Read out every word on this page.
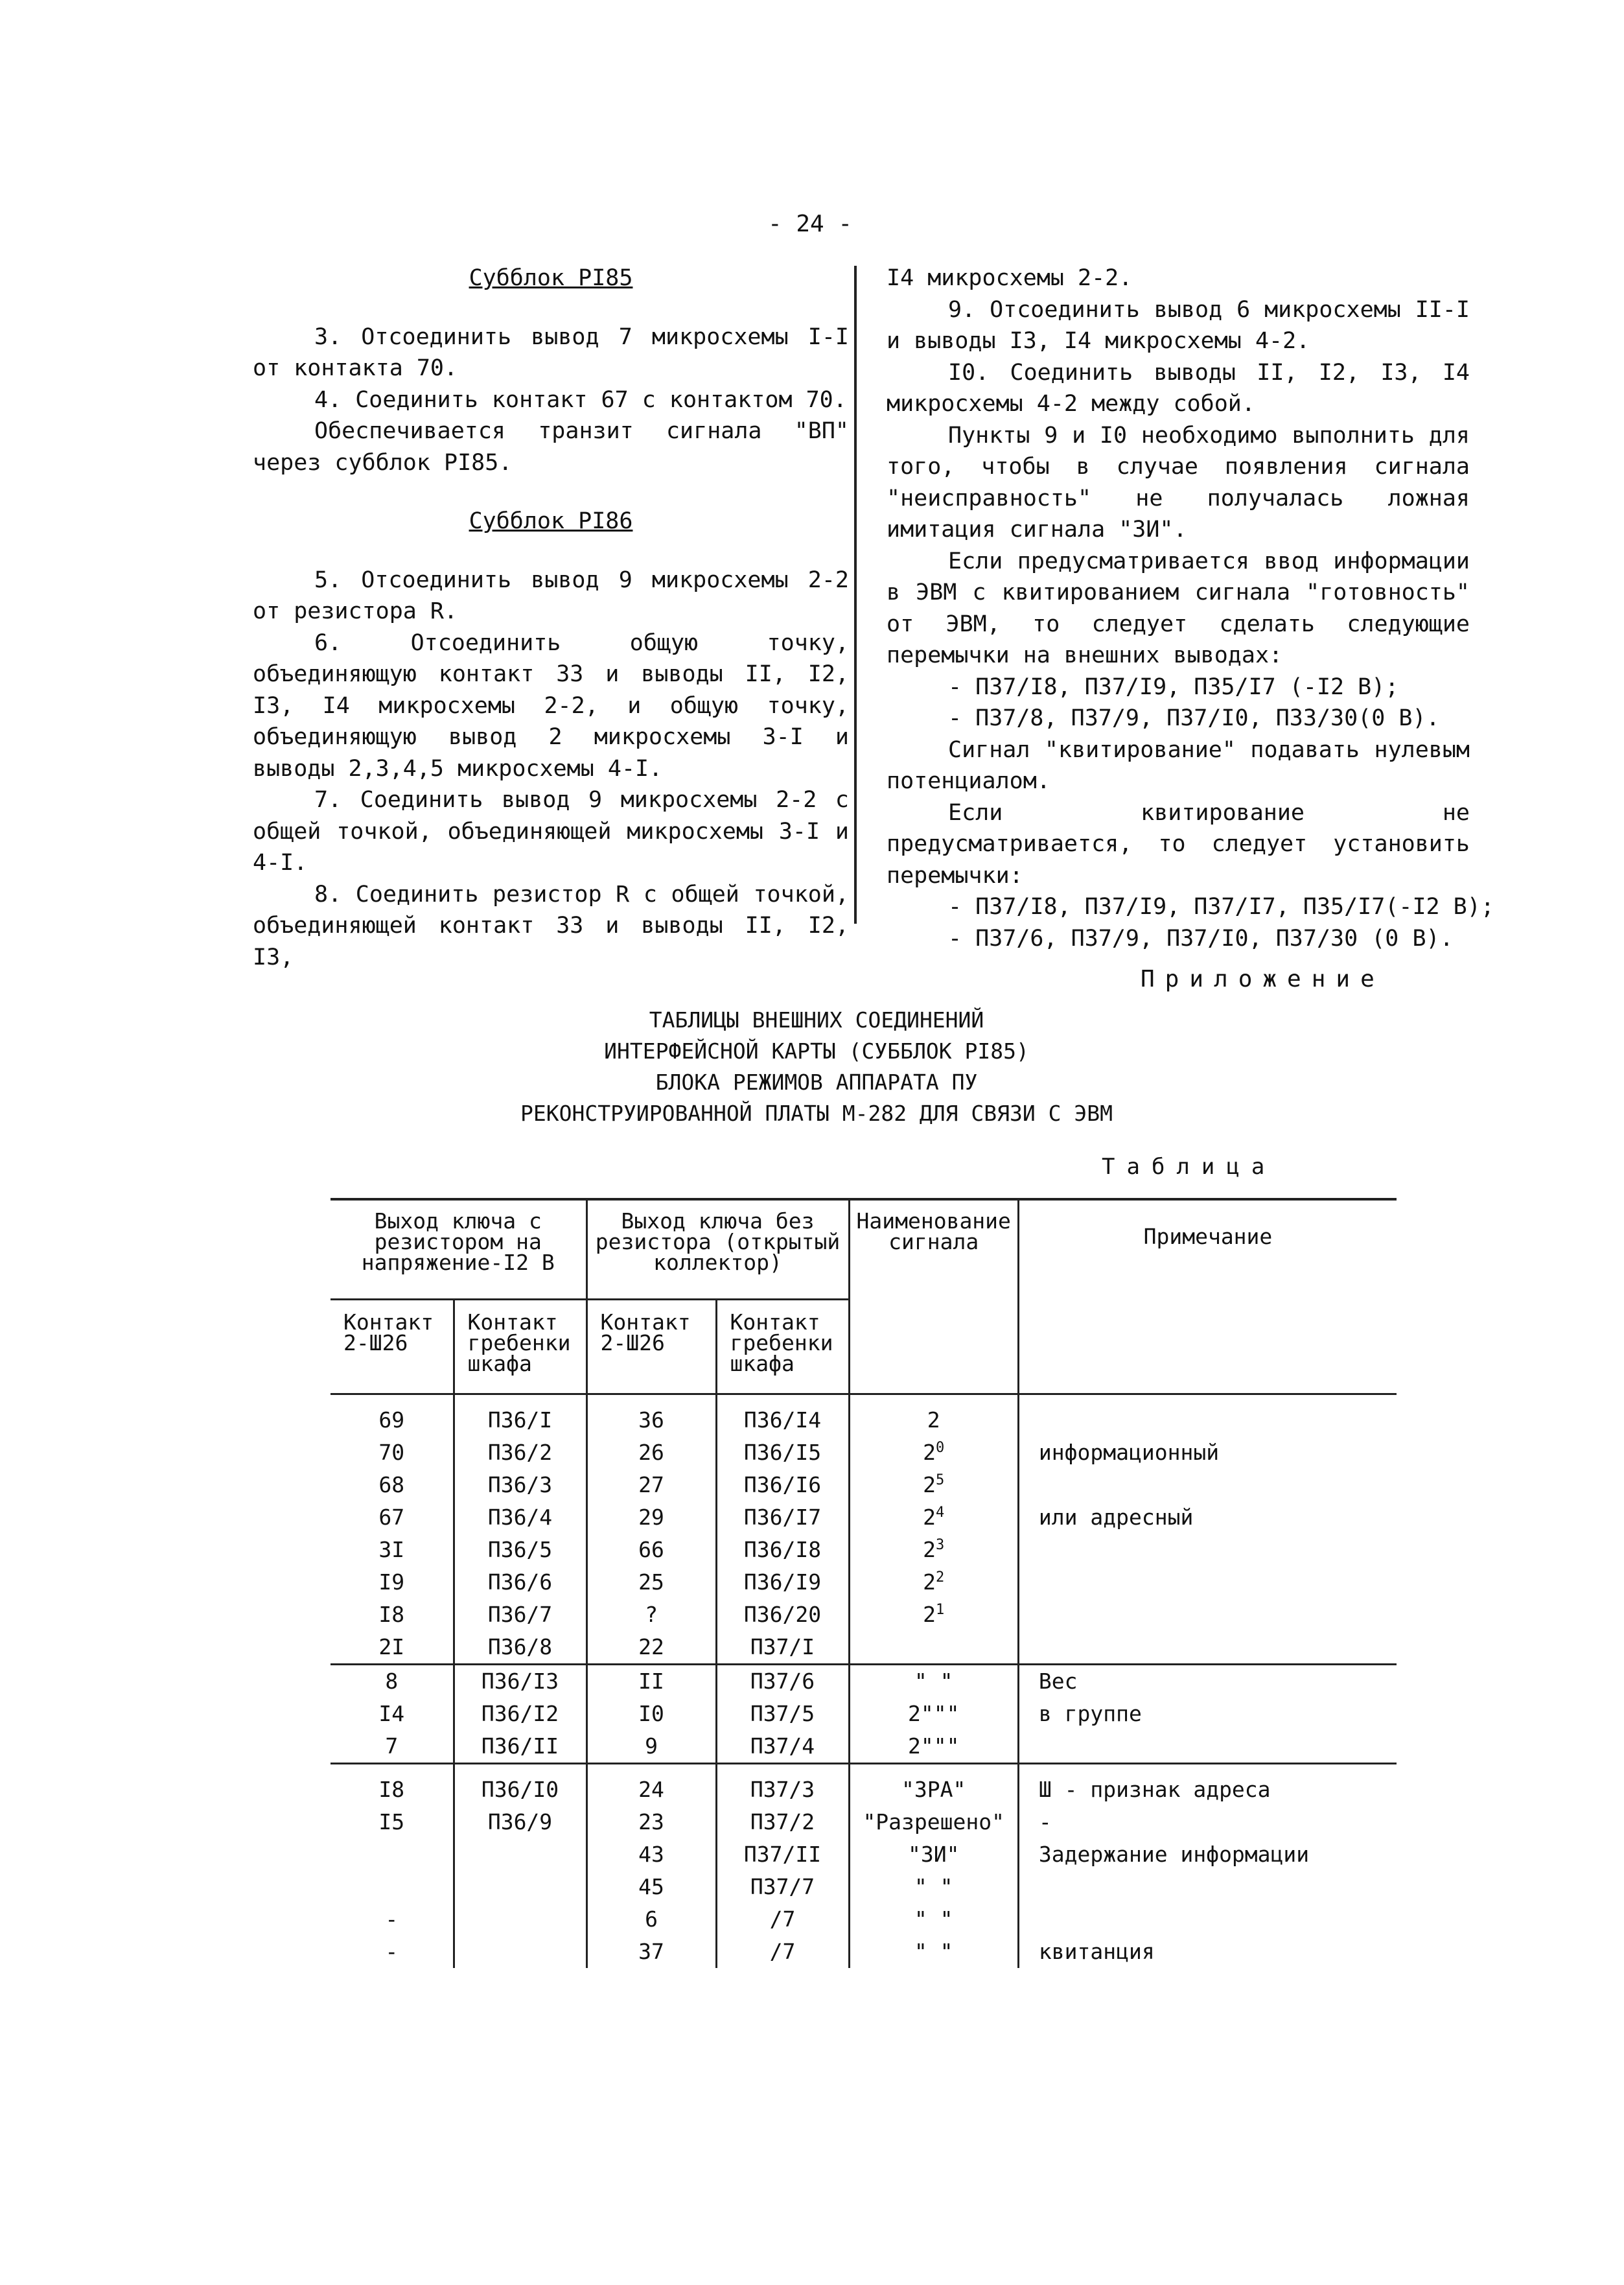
- 24 -

Субблок РI85

3. Отсоединить вывод 7 микросхемы I-I от контакта 70.

4. Соединить контакт 67 с контактом 70.

Обеспечивается транзит сигнала "ВП" через субблок РI85.

Субблок РI86

5. Отсоединить вывод 9 микросхемы 2-2 от резистора R.

6. Отсоединить общую точку, объединяющую контакт 33 и выводы II, I2, I3, I4 микросхемы 2-2, и общую точку, объединяющую вывод 2 микросхемы 3-I и выводы 2,3,4,5 микросхемы 4-I.

7. Соединить вывод 9 микросхемы 2-2 с общей точкой, объединяющей микросхемы 3-I и 4-I.

8. Соединить резистор R с общей точкой, объединяющей контакт 33 и выводы II, I2, I3,

I4 микросхемы 2-2.

9. Отсоединить вывод 6 микросхемы II-I и выводы I3, I4 микросхемы 4-2.

I0. Соединить выводы II, I2, I3, I4 микросхемы 4-2 между собой.

Пункты 9 и I0 необходимо выполнить для того, чтобы в случае появления сигнала "неисправность" не получалась ложная имитация сигнала "ЗИ".

Если предусматривается ввод информации в ЭВМ с квитированием сигнала "готовность" от ЭВМ, то следует сделать следующие перемычки на внешних выводах:

- П37/I8, П37/I9, П35/I7 (-I2 В);

- П37/8, П37/9, П37/I0, П33/30(0 В).

Сигнал "квитирование" подавать нулевым потенциалом.

Если квитирование не предусматривается, то следует установить перемычки:

- П37/I8, П37/I9, П37/I7, П35/I7(-I2 В);

- П37/6, П37/9, П37/I0, П37/30 (0 В).

Приложение
ТАБЛИЦЫ ВНЕШНИХ СОЕДИНЕНИЙ
ИНТЕРФЕЙСНОЙ КАРТЫ (СУББЛОК РI85)
БЛОКА РЕЖИМОВ АППАРАТА ПУ
РЕКОНСТРУИРОВАННОЙ ПЛАТЫ М-282 ДЛЯ СВЯЗИ С ЭВМ
Таблица
Выход ключа с резистором на напряжение-I2 В		Выход ключа без резистора (открытый коллектор)		Наименование сигнала	Примечание
Контакт 2-Ш26	Контакт гребенки шкафа	Контакт 2-Ш26	Контакт гребенки шкафа		
69	П36/I	36	П36/I4	2	
70	П36/2	26	П36/I5	$2^0$	информационный
68	П36/3	27	П36/I6	$2^5$	
67	П36/4	29	П36/I7	$2^4$	или адресный
3I	П36/5	66	П36/I8	$2^3$	
I9	П36/6	25	П36/I9	$2^2$	
I8	П36/7	?	П36/20	$2^1$	
2I	П36/8	22	П37/I		
8	П36/I3	II	П37/6	" "	Вес
I4	П36/I2	I0	П37/5	2"""	в группе
7	П36/II	9	П37/4	2"""	
I8	П36/I0	24	П37/3	"ЗРА"	Ш - признак адреса
I5	П36/9	23	П37/2	"Разрешено"	-
		43	П37/II	"ЗИ"	Задержание информации
		45	П37/7	" "	
-		6	/7	" "	
-		37	/7	" "	квитанция
